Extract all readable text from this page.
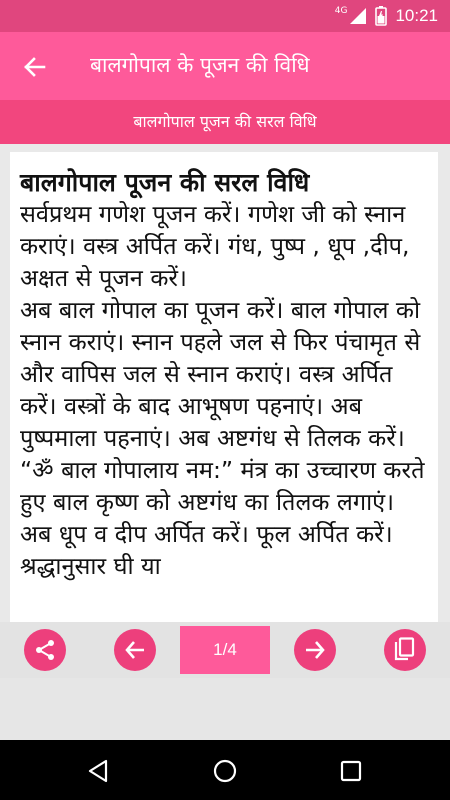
4G	10:21
बालगोपाल के पूजन की विधि
बालगोपाल पूजन की सरल विधि
बालगोपाल पूजन की सरल विधि
सर्वप्रथम गणेश पूजन करें। गणेश जी को स्नान कराएं। वस्त्र अर्पित करें। गंध, पुष्प , धूप ,दीप, अक्षत से पूजन करें।
अब बाल गोपाल का पूजन करें। बाल गोपाल को स्नान कराएं। स्नान पहले जल से फिर पंचामृत से और वापिस जल से स्नान कराएं। वस्त्र अर्पित करें। वस्त्रों के बाद आभूषण पहनाएं। अब पुष्पमाला पहनाएं। अब अष्टगंध से तिलक करें। “ॐ बाल गोपालाय नम:” मंत्र का उच्चारण करते हुए बाल कृष्ण को अष्टगंध का तिलक लगाएं। अब धूप व दीप अर्पित करें। फूल अर्पित करें। श्रद्धानुसार घी या
1/4
